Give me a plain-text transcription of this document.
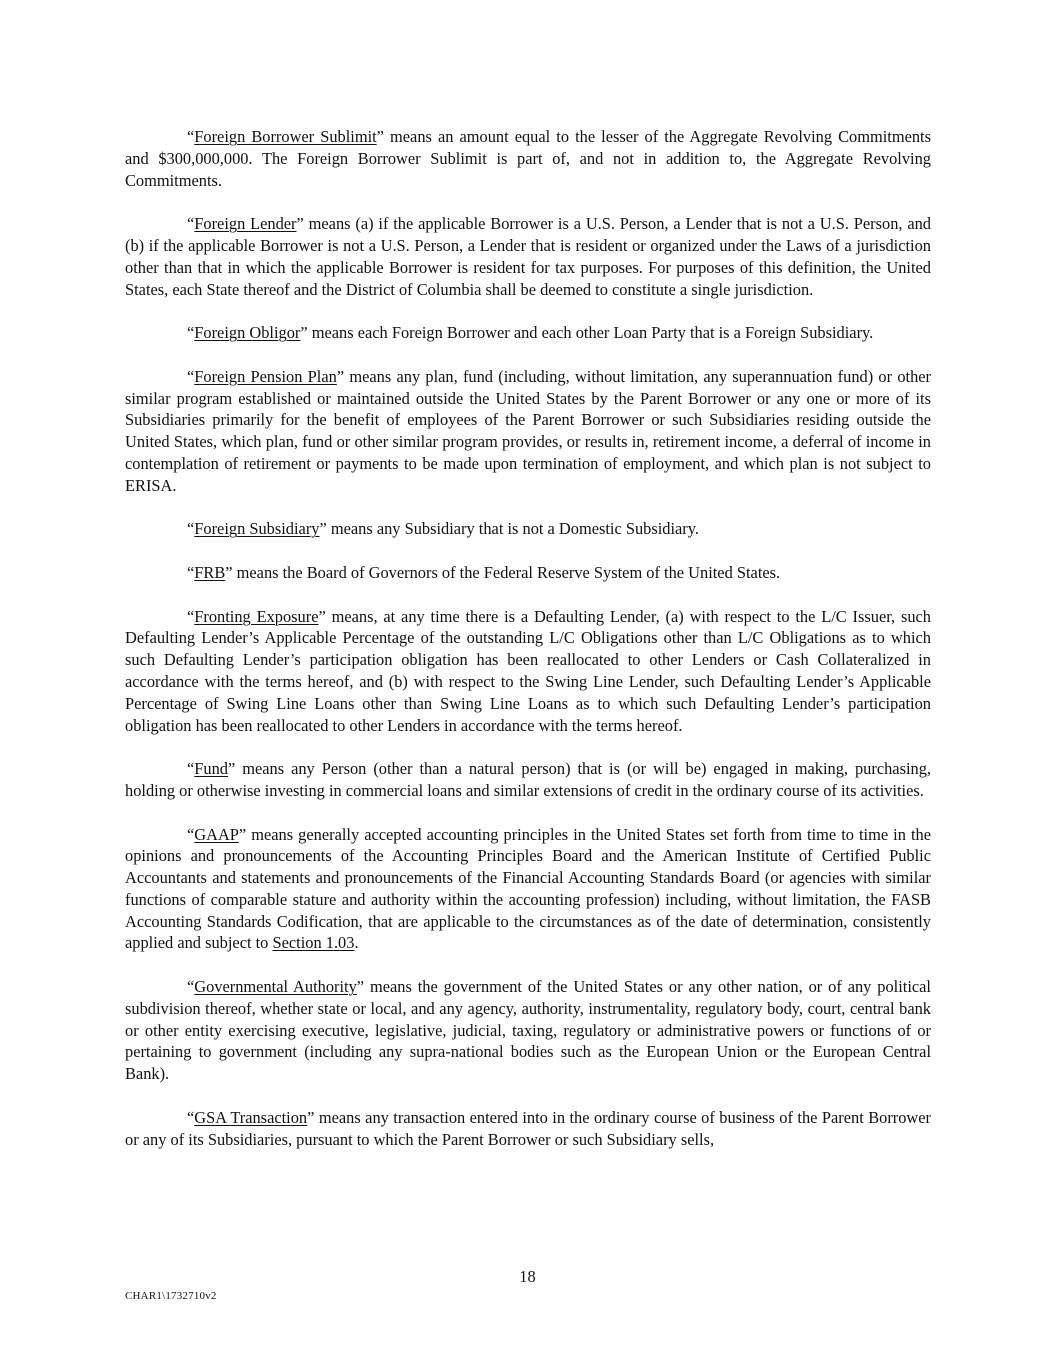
“Foreign Borrower Sublimit” means an amount equal to the lesser of the Aggregate Revolving Commitments and $300,000,000. The Foreign Borrower Sublimit is part of, and not in addition to, the Aggregate Revolving Commitments.

“Foreign Lender” means (a) if the applicable Borrower is a U.S. Person, a Lender that is not a U.S. Person, and (b) if the applicable Borrower is not a U.S. Person, a Lender that is resident or organized under the Laws of a jurisdiction other than that in which the applicable Borrower is resident for tax purposes. For purposes of this definition, the United States, each State thereof and the District of Columbia shall be deemed to constitute a single jurisdiction.

“Foreign Obligor” means each Foreign Borrower and each other Loan Party that is a Foreign Subsidiary.

“Foreign Pension Plan” means any plan, fund (including, without limitation, any superannuation fund) or other similar program established or maintained outside the United States by the Parent Borrower or any one or more of its Subsidiaries primarily for the benefit of employees of the Parent Borrower or such Subsidiaries residing outside the United States, which plan, fund or other similar program provides, or results in, retirement income, a deferral of income in contemplation of retirement or payments to be made upon termination of employment, and which plan is not subject to ERISA.

“Foreign Subsidiary” means any Subsidiary that is not a Domestic Subsidiary.

“FRB” means the Board of Governors of the Federal Reserve System of the United States.

“Fronting Exposure” means, at any time there is a Defaulting Lender, (a) with respect to the L/C Issuer, such Defaulting Lender’s Applicable Percentage of the outstanding L/C Obligations other than L/C Obligations as to which such Defaulting Lender’s participation obligation has been reallocated to other Lenders or Cash Collateralized in accordance with the terms hereof, and (b) with respect to the Swing Line Lender, such Defaulting Lender’s Applicable Percentage of Swing Line Loans other than Swing Line Loans as to which such Defaulting Lender’s participation obligation has been reallocated to other Lenders in accordance with the terms hereof.

“Fund” means any Person (other than a natural person) that is (or will be) engaged in making, purchasing, holding or otherwise investing in commercial loans and similar extensions of credit in the ordinary course of its activities.

“GAAP” means generally accepted accounting principles in the United States set forth from time to time in the opinions and pronouncements of the Accounting Principles Board and the American Institute of Certified Public Accountants and statements and pronouncements of the Financial Accounting Standards Board (or agencies with similar functions of comparable stature and authority within the accounting profession) including, without limitation, the FASB Accounting Standards Codification, that are applicable to the circumstances as of the date of determination, consistently applied and subject to Section 1.03.

“Governmental Authority” means the government of the United States or any other nation, or of any political subdivision thereof, whether state or local, and any agency, authority, instrumentality, regulatory body, court, central bank or other entity exercising executive, legislative, judicial, taxing, regulatory or administrative powers or functions of or pertaining to government (including any supra-national bodies such as the European Union or the European Central Bank).

“GSA Transaction” means any transaction entered into in the ordinary course of business of the Parent Borrower or any of its Subsidiaries, pursuant to which the Parent Borrower or such Subsidiary sells,

18
CHAR1\1732710v2
